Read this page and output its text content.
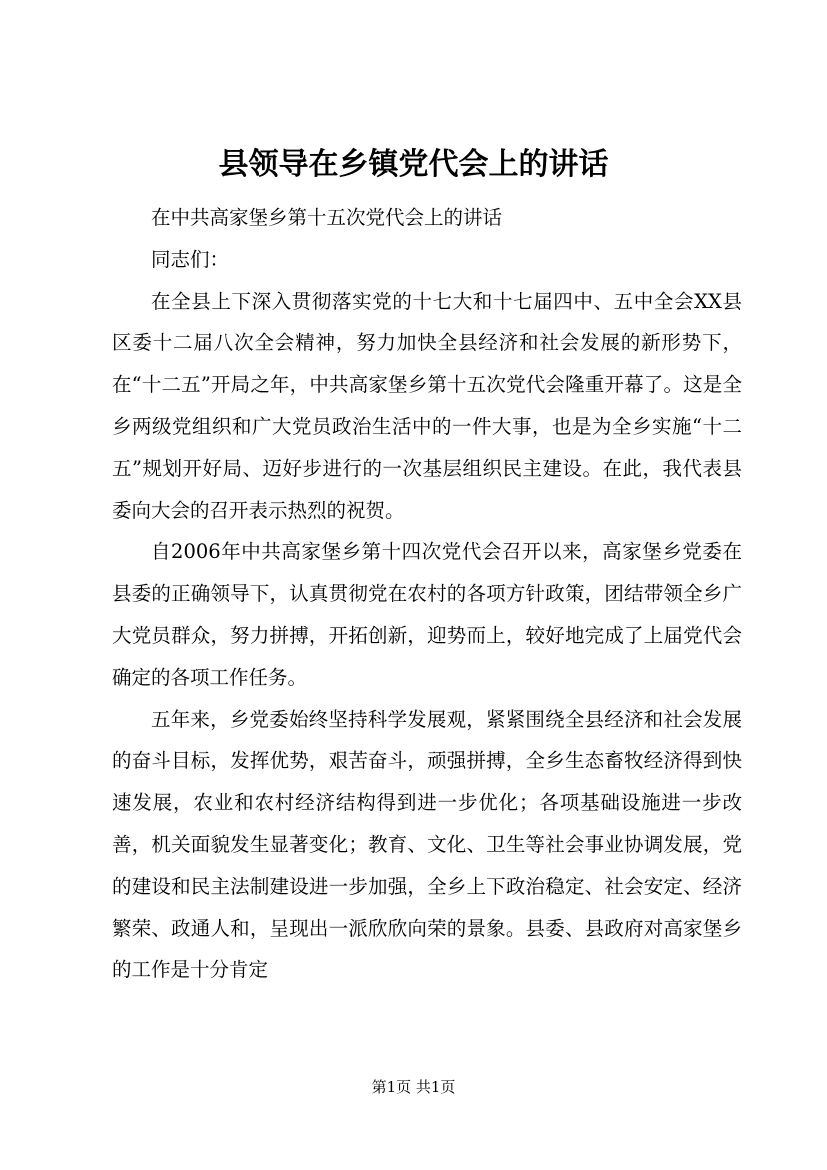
县领导在乡镇党代会上的讲话

在中共高家堡乡第十五次党代会上的讲话

同志们：

在全县上下深入贯彻落实党的十七大和十七届四中、五中全会XX县区委十二届八次全会精神，努力加快全县经济和社会发展的新形势下，在“十二五”开局之年，中共高家堡乡第十五次党代会隆重开幕了。这是全乡两级党组织和广大党员政治生活中的一件大事，也是为全乡实施“十二五”规划开好局、迈好步进行的一次基层组织民主建设。在此，我代表县委向大会的召开表示热烈的祝贺。

自2006年中共高家堡乡第十四次党代会召开以来，高家堡乡党委在县委的正确领导下，认真贯彻党在农村的各项方针政策，团结带领全乡广大党员群众，努力拼搏，开拓创新，迎势而上，较好地完成了上届党代会确定的各项工作任务。

五年来，乡党委始终坚持科学发展观，紧紧围绕全县经济和社会发展的奋斗目标，发挥优势，艰苦奋斗，顽强拼搏，全乡生态畜牧经济得到快速发展，农业和农村经济结构得到进一步优化；各项基础设施进一步改善，机关面貌发生显著变化；教育、文化、卫生等社会事业协调发展，党的建设和民主法制建设进一步加强，全乡上下政治稳定、社会安定、经济繁荣、政通人和，呈现出一派欣欣向荣的景象。县委、县政府对高家堡乡的工作是十分肯定

第1页 共1页
